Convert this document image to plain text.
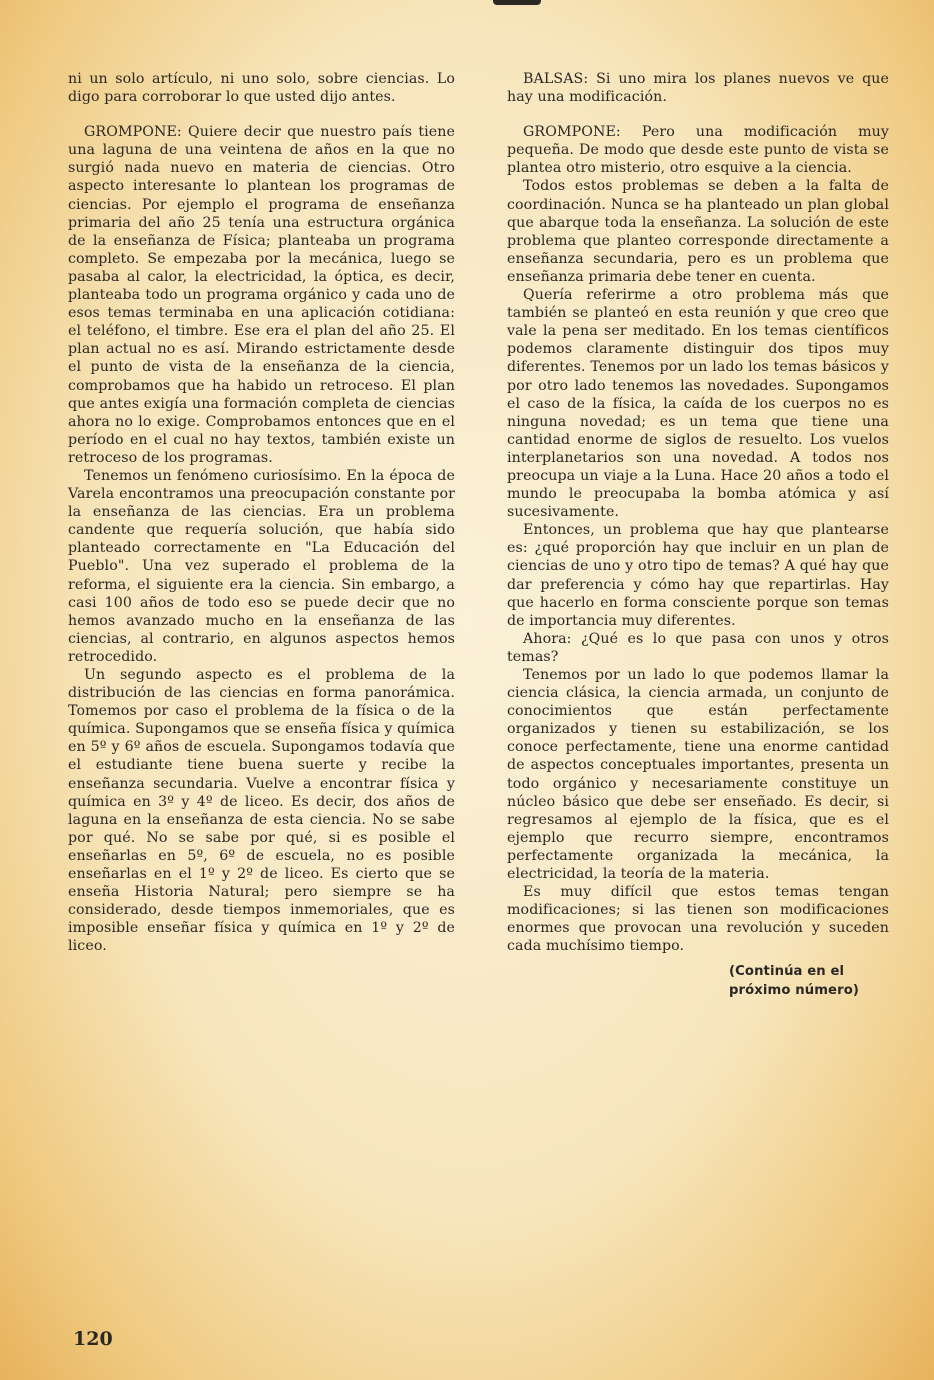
ni un solo artículo, ni uno solo, sobre ciencias. Lo digo para corroborar lo que usted dijo antes.

GROMPONE: Quiere decir que nuestro país tiene una laguna de una veintena de años en la que no surgió nada nuevo en materia de ciencias. Otro aspecto interesante lo plantean los programas de ciencias. Por ejemplo el programa de enseñanza primaria del año 25 tenía una estructura orgánica de la enseñanza de Física; planteaba un programa completo. Se empezaba por la mecánica, luego se pasaba al calor, la electricidad, la óptica, es decir, planteaba todo un programa orgánico y cada uno de esos temas terminaba en una aplicación cotidiana: el teléfono, el timbre. Ese era el plan del año 25. El plan actual no es así. Mirando estrictamente desde el punto de vista de la enseñanza de la ciencia, comprobamos que ha habido un retroceso. El plan que antes exigía una formación completa de ciencias ahora no lo exige. Comprobamos entonces que en el período en el cual no hay textos, también existe un retroceso de los programas.

Tenemos un fenómeno curiosísimo. En la época de Varela encontramos una preocupación constante por la enseñanza de las ciencias. Era un problema candente que requería solución, que había sido planteado correctamente en "La Educación del Pueblo". Una vez superado el problema de la reforma, el siguiente era la ciencia. Sin embargo, a casi 100 años de todo eso se puede decir que no hemos avanzado mucho en la enseñanza de las ciencias, al contrario, en algunos aspectos hemos retrocedido.

Un segundo aspecto es el problema de la distribución de las ciencias en forma panorámica. Tomemos por caso el problema de la física o de la química. Supongamos que se enseña física y química en 5º y 6º años de escuela. Supongamos todavía que el estudiante tiene buena suerte y recibe la enseñanza secundaria. Vuelve a encontrar física y química en 3º y 4º de liceo. Es decir, dos años de laguna en la enseñanza de esta ciencia. No se sabe por qué. No se sabe por qué, si es posible el enseñarlas en 5º, 6º de escuela, no es posible enseñarlas en el 1º y 2º de liceo. Es cierto que se enseña Historia Natural; pero siempre se ha considerado, desde tiempos inmemoriales, que es imposible enseñar física y química en 1º y 2º de liceo.

BALSAS: Si uno mira los planes nuevos ve que hay una modificación.

GROMPONE: Pero una modificación muy pequeña. De modo que desde este punto de vista se plantea otro misterio, otro esquive a la ciencia.

Todos estos problemas se deben a la falta de coordinación. Nunca se ha planteado un plan global que abarque toda la enseñanza. La solución de este problema que planteo corresponde directamente a enseñanza secundaria, pero es un problema que enseñanza primaria debe tener en cuenta.

Quería referirme a otro problema más que también se planteó en esta reunión y que creo que vale la pena ser meditado. En los temas científicos podemos claramente distinguir dos tipos muy diferentes. Tenemos por un lado los temas básicos y por otro lado tenemos las novedades. Supongamos el caso de la física, la caída de los cuerpos no es ninguna novedad; es un tema que tiene una cantidad enorme de siglos de resuelto. Los vuelos interplanetarios son una novedad. A todos nos preocupa un viaje a la Luna. Hace 20 años a todo el mundo le preocupaba la bomba atómica y así sucesivamente.

Entonces, un problema que hay que plantearse es: ¿qué proporción hay que incluir en un plan de ciencias de uno y otro tipo de temas? A qué hay que dar preferencia y cómo hay que repartirlas. Hay que hacerlo en forma consciente porque son temas de importancia muy diferentes.

Ahora: ¿Qué es lo que pasa con unos y otros temas?

Tenemos por un lado lo que podemos llamar la ciencia clásica, la ciencia armada, un conjunto de conocimientos que están perfectamente organizados y tienen su estabilización, se los conoce perfectamente, tiene una enorme cantidad de aspectos conceptuales importantes, presenta un todo orgánico y necesariamente constituye un núcleo básico que debe ser enseñado. Es decir, si regresamos al ejemplo de la física, que es el ejemplo que recurro siempre, encontramos perfectamente organizada la mecánica, la electricidad, la teoría de la materia.

Es muy difícil que estos temas tengan modificaciones; si las tienen son modificaciones enormes que provocan una revolución y suceden cada muchísimo tiempo.

(Continúa en el
próximo número)
120
